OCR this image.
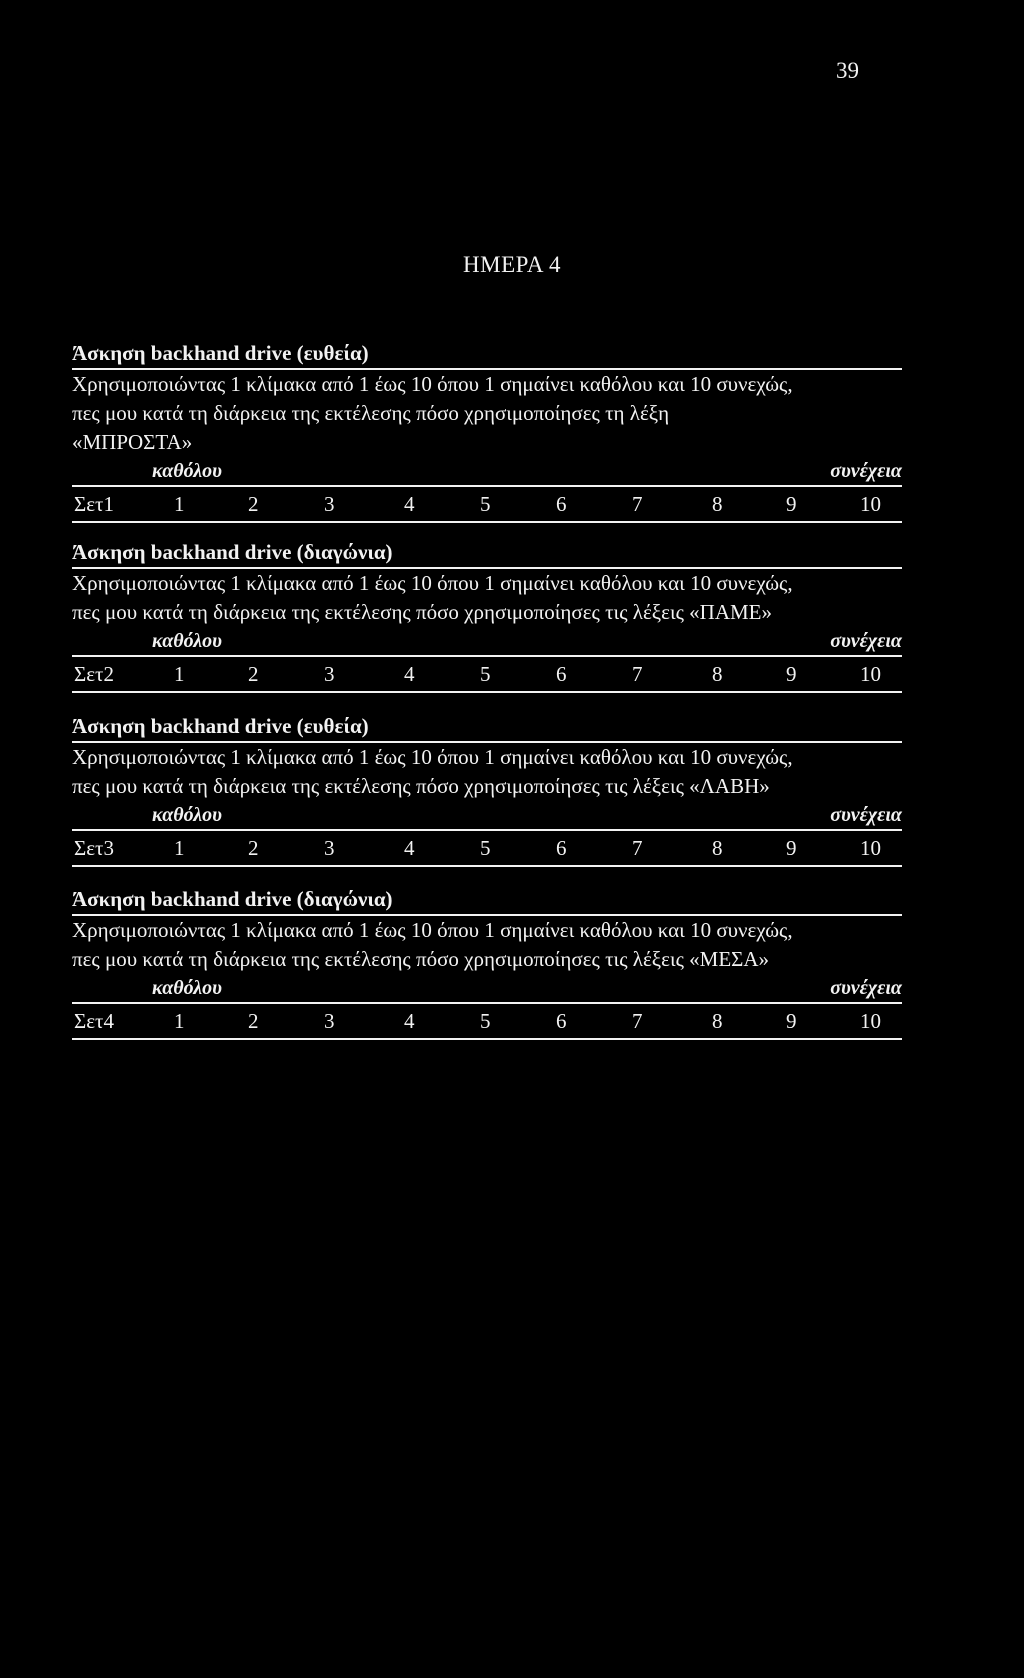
39
ΗΜΕΡΑ 4
Άσκηση backhand drive (ευθεία)
Χρησιμοποιώντας 1 κλίμακα από 1 έως 10 όπου 1 σημαίνει καθόλου και 10 συνεχώς,
πες μου κατά τη διάρκεια της εκτέλεσης πόσο χρησιμοποίησες τη λέξη
«ΜΠΡΟΣΤΑ»
καθόλου	συνέχεια
Σετ1	1	2	3	4	5	6	7	8	9	10
Άσκηση backhand drive (διαγώνια)
Χρησιμοποιώντας 1 κλίμακα από 1 έως 10 όπου 1 σημαίνει καθόλου και 10 συνεχώς,
πες μου κατά τη διάρκεια της εκτέλεσης πόσο χρησιμοποίησες τις λέξεις «ΠΑΜΕ»
καθόλου	συνέχεια
Σετ2	1	2	3	4	5	6	7	8	9	10
Άσκηση backhand drive (ευθεία)
Χρησιμοποιώντας 1 κλίμακα από 1 έως 10 όπου 1 σημαίνει καθόλου και 10 συνεχώς,
πες μου κατά τη διάρκεια της εκτέλεσης πόσο χρησιμοποίησες τις λέξεις «ΛΑΒΗ»
καθόλου	συνέχεια
Σετ3	1	2	3	4	5	6	7	8	9	10
Άσκηση backhand drive (διαγώνια)
Χρησιμοποιώντας 1 κλίμακα από 1 έως 10 όπου 1 σημαίνει καθόλου και 10 συνεχώς,
πες μου κατά τη διάρκεια της εκτέλεσης πόσο χρησιμοποίησες τις λέξεις «ΜΕΣΑ»
καθόλου	συνέχεια
Σετ4	1	2	3	4	5	6	7	8	9	10
